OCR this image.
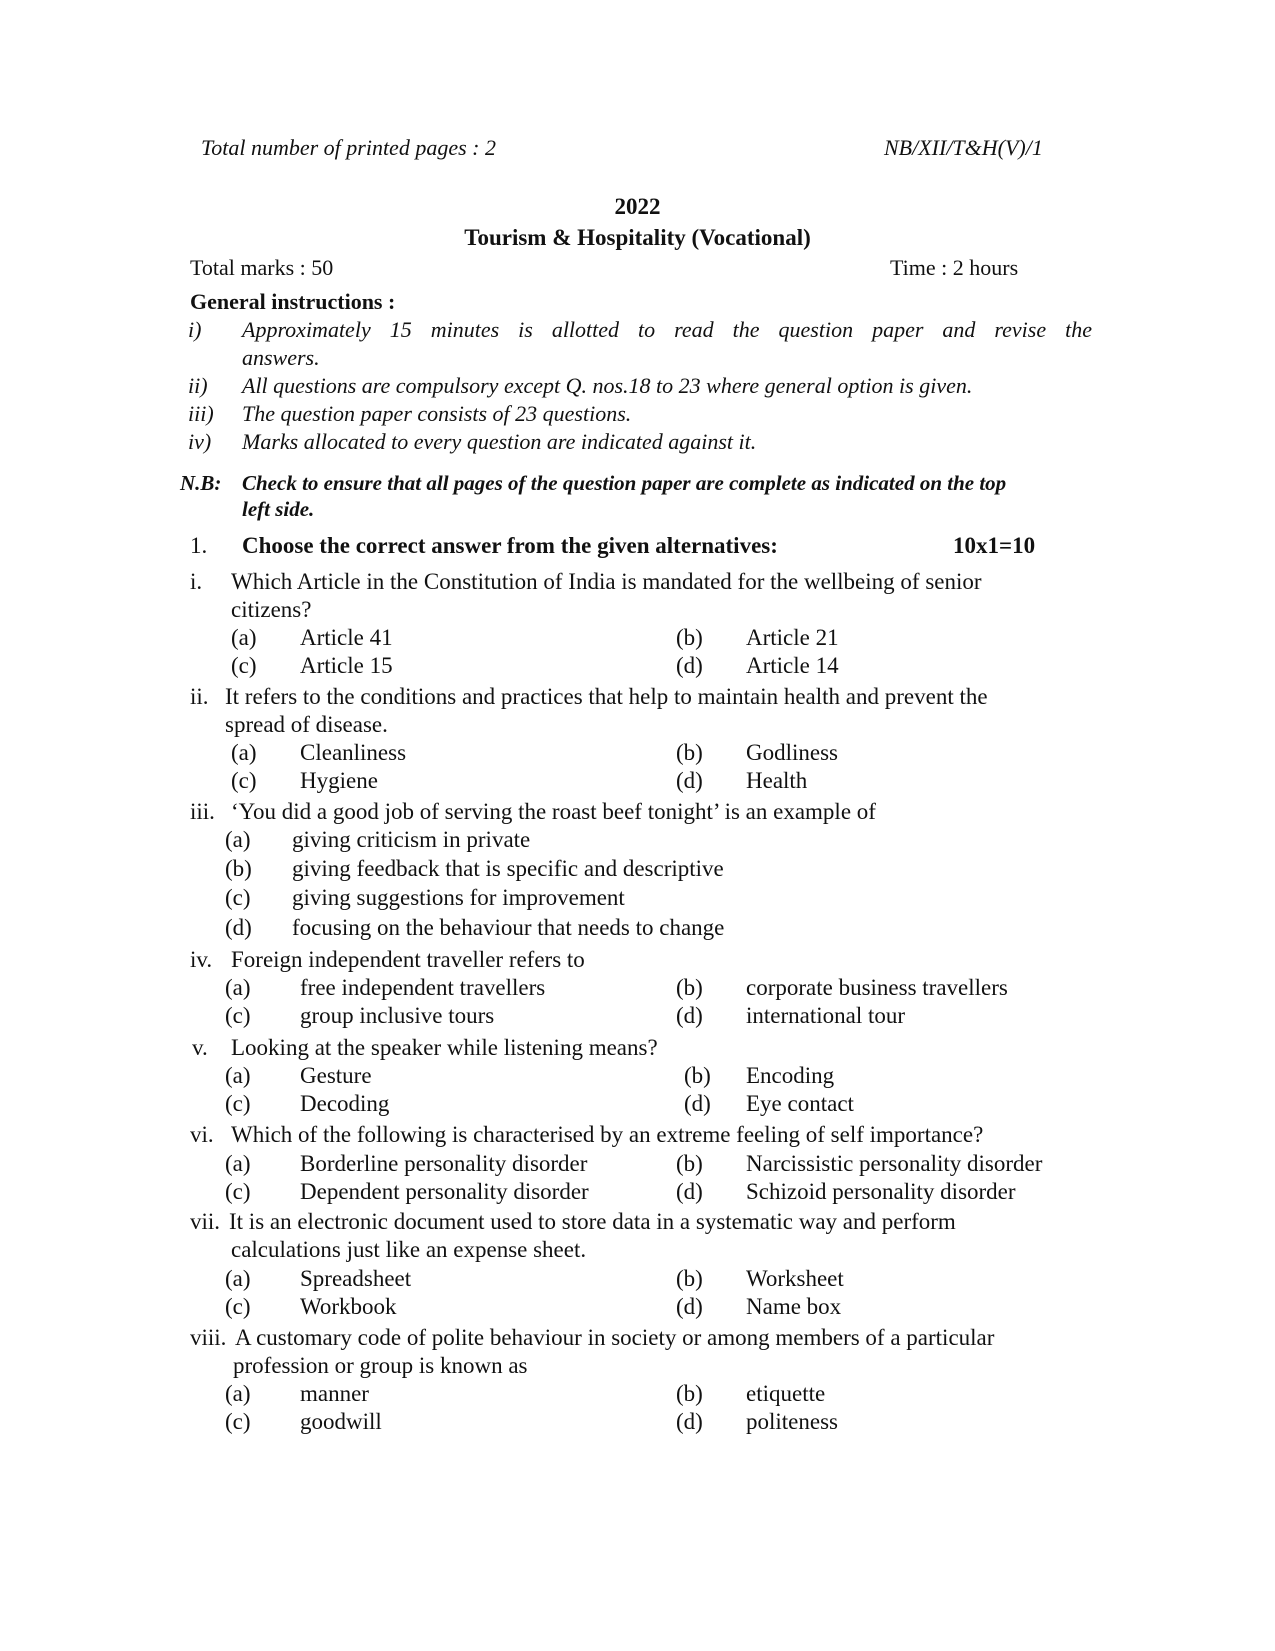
Total number of printed pages : 2	NB/XII/T&H(V)/1
2022
Tourism & Hospitality (Vocational)
Total marks : 50	Time : 2 hours
General instructions :
i) Approximately 15 minutes is allotted to read the question paper and revise the
answers.
ii) All questions are compulsory except Q. nos.18 to 23 where general option is given.
iii) The question paper consists of 23 questions.
iv) Marks allocated to every question are indicated against it.
N.B: Check to ensure that all pages of the question paper are complete as indicated on the top
left side.
1. Choose the correct answer from the given alternatives:	10x1=10
i. Which Article in the Constitution of India is mandated for the wellbeing of senior
citizens?
(a) Article 41	(b) Article 21
(c) Article 15	(d) Article 14
ii. It refers to the conditions and practices that help to maintain health and prevent the
spread of disease.
(a) Cleanliness	(b) Godliness
(c) Hygiene	(d) Health
iii. ‘You did a good job of serving the roast beef tonight’ is an example of
(a) giving criticism in private
(b) giving feedback that is specific and descriptive
(c) giving suggestions for improvement
(d) focusing on the behaviour that needs to change
iv. Foreign independent traveller refers to
(a) free independent travellers	(b) corporate business travellers
(c) group inclusive tours	(d) international tour
v. Looking at the speaker while listening means?
(a) Gesture	(b) Encoding
(c) Decoding	(d) Eye contact
vi. Which of the following is characterised by an extreme feeling of self importance?
(a) Borderline personality disorder	(b) Narcissistic personality disorder
(c) Dependent personality disorder	(d) Schizoid personality disorder
vii. It is an electronic document used to store data in a systematic way and perform
calculations just like an expense sheet.
(a) Spreadsheet	(b) Worksheet
(c) Workbook	(d) Name box
viii. A customary code of polite behaviour in society or among members of a particular
profession or group is known as
(a) manner	(b) etiquette
(c) goodwill	(d) politeness
